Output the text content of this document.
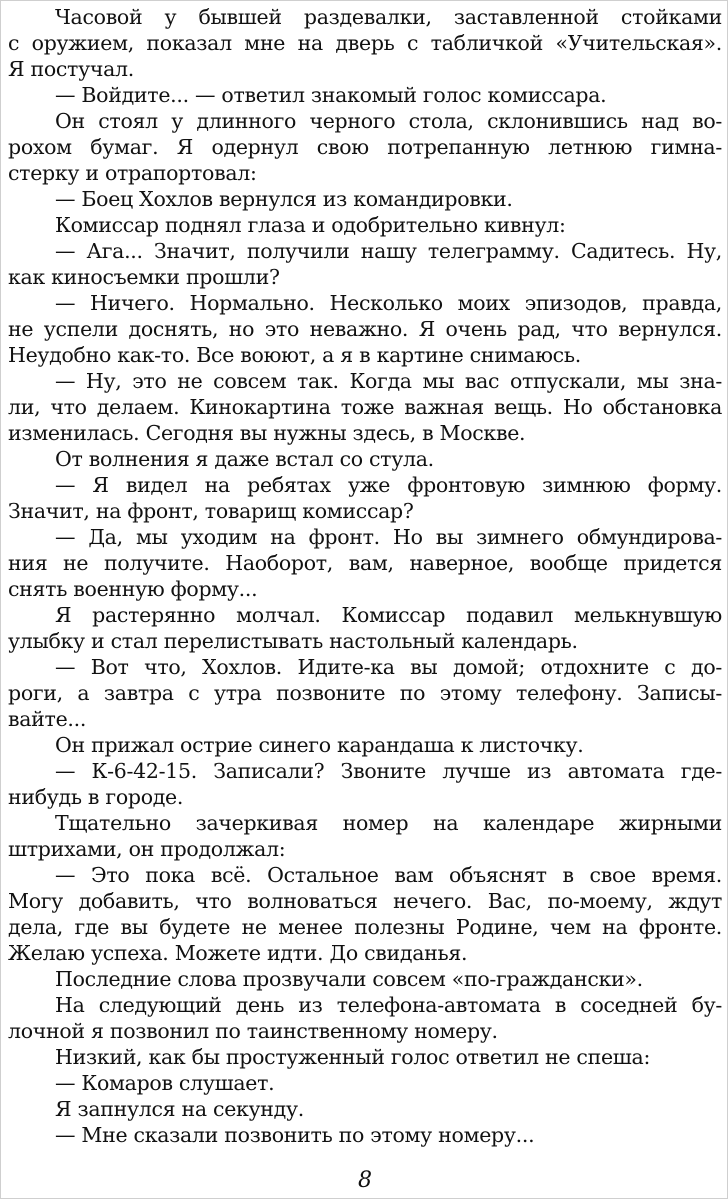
Часовой у бывшей раздевалки, заставленной стойками
с оружием, показал мне на дверь с табличкой «Учительская».
Я постучал.
— Войдите... — ответил знакомый голос комиссара.
Он стоял у длинного черного стола, склонившись над во-
рохом бумаг. Я одернул свою потрепанную летнюю гимна-
стерку и отрапортовал:
— Боец Хохлов вернулся из командировки.
Комиссар поднял глаза и одобрительно кивнул:
— Ага... Значит, получили нашу телеграмму. Садитесь. Ну,
как киносъемки прошли?
— Ничего. Нормально. Несколько моих эпизодов, правда,
не успели доснять, но это неважно. Я очень рад, что вернулся.
Неудобно как-то. Все воюют, а я в картине снимаюсь.
— Ну, это не совсем так. Когда мы вас отпускали, мы зна-
ли, что делаем. Кинокартина тоже важная вещь. Но обстановка
изменилась. Сегодня вы нужны здесь, в Москве.
От волнения я даже встал со стула.
— Я видел на ребятах уже фронтовую зимнюю форму.
Значит, на фронт, товарищ комиссар?
— Да, мы уходим на фронт. Но вы зимнего обмундирова-
ния не получите. Наоборот, вам, наверное, вообще придется
снять военную форму...
Я растерянно молчал. Комиссар подавил мелькнувшую
улыбку и стал перелистывать настольный календарь.
— Вот что, Хохлов. Идите-ка вы домой; отдохните с до-
роги, а завтра с утра позвоните по этому телефону. Записы-
вайте...
Он прижал острие синего карандаша к листочку.
— К-6-42-15. Записали? Звоните лучше из автомата где-
нибудь в городе.
Тщательно зачеркивая номер на календаре жирными
штрихами, он продолжал:
— Это пока всё. Остальное вам объяснят в свое время.
Могу добавить, что волноваться нечего. Вас, по-моему, ждут
дела, где вы будете не менее полезны Родине, чем на фронте.
Желаю успеха. Можете идти. До свиданья.
Последние слова прозвучали совсем «по-граждански».
На следующий день из телефона-автомата в соседней бу-
лочной я позвонил по таинственному номеру.
Низкий, как бы простуженный голос ответил не спеша:
— Комаров слушает.
Я запнулся на секунду.
— Мне сказали позвонить по этому номеру...
8
